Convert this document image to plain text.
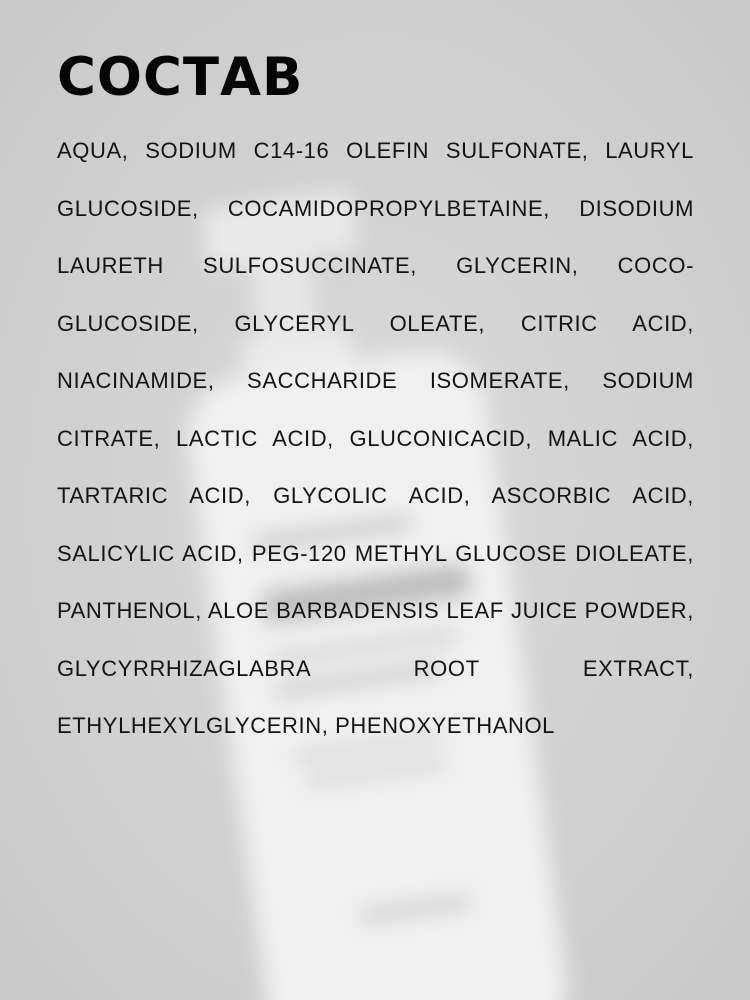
СОСТАВ

AQUA, SODIUM C14-16 OLEFIN SULFONATE, LAURYL GLUCOSIDE, COCAMIDOPROPYLBETAINE, DISODIUM LAURETH SULFOSUCCINATE, GLYCERIN, COCO-GLUCOSIDE, GLYCERYL OLEATE, CITRIC ACID, NIACINAMIDE, SACCHARIDE ISOMERATE, SODIUM CITRATE, LACTIC ACID, GLUCONICACID, MALIC ACID, TARTARIC ACID, GLYCOLIC ACID, ASCORBIC ACID, SALICYLIC ACID, PEG-120 METHYL GLUCOSE DIOLEATE, PANTHENOL, ALOE BARBADENSIS LEAF JUICE POWDER, GLYCYRRHIZAGLABRA ROOT EXTRACT, ETHYLHEXYLGLYCERIN, PHENOXYETHANOL
